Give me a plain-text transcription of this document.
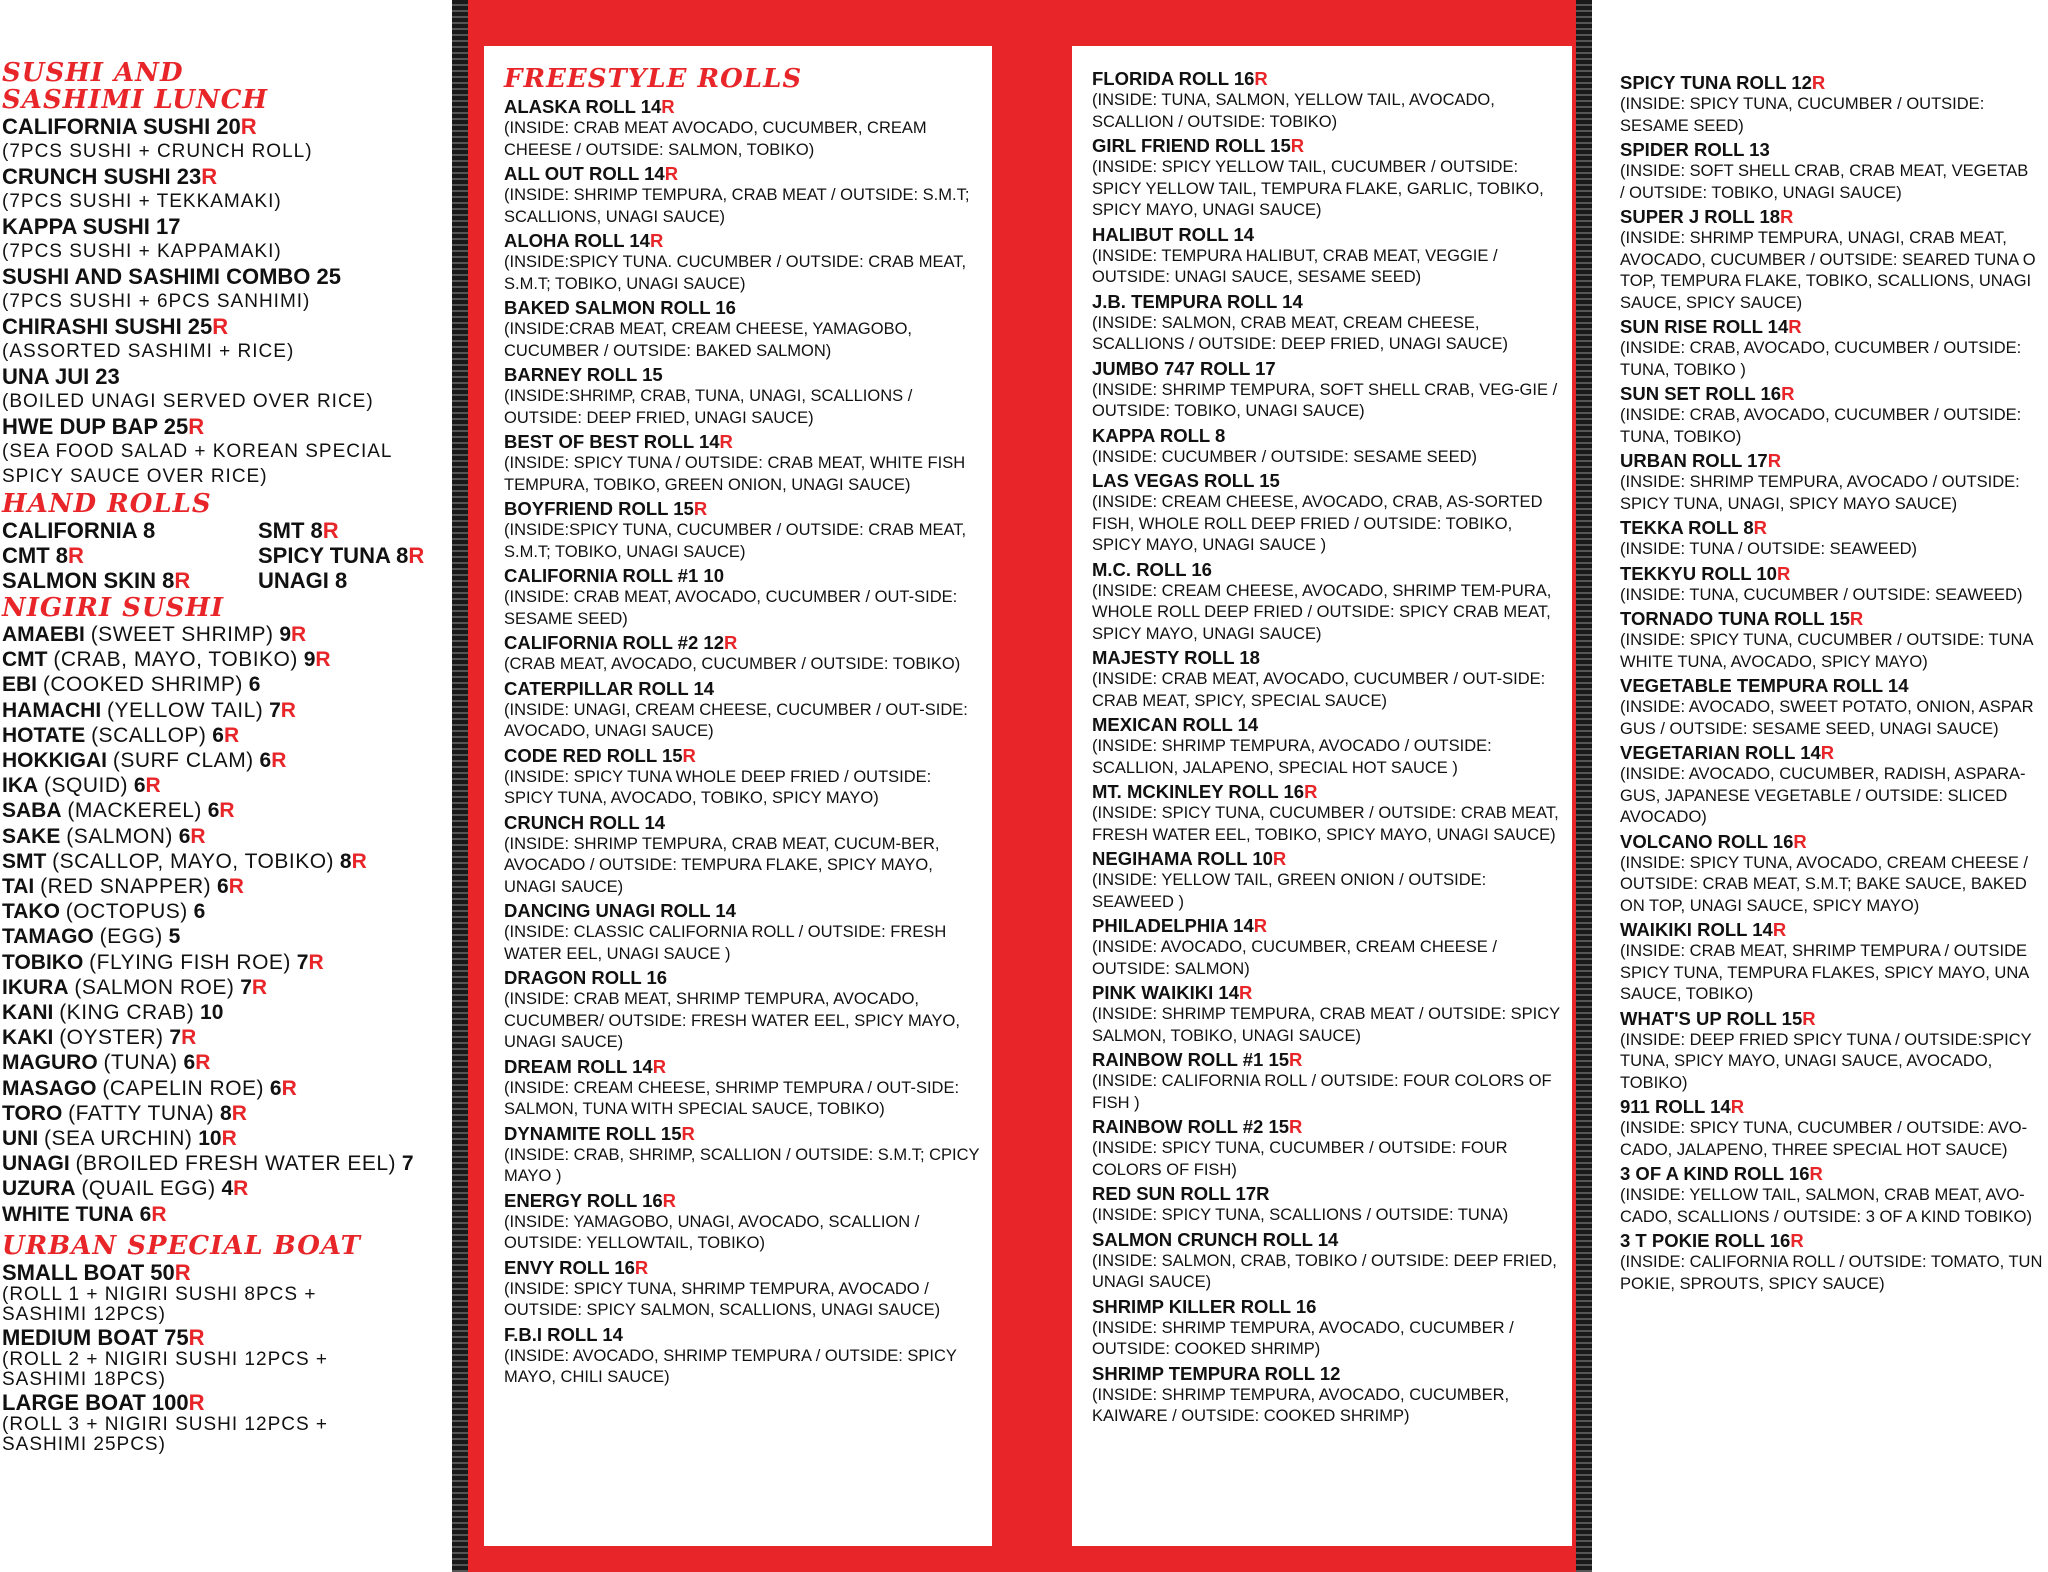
SUSHI AND
SASHIMI LUNCH
CALIFORNIA SUSHI 20R
(7PCS SUSHI + CRUNCH ROLL)
CRUNCH SUSHI 23R
(7PCS SUSHI + TEKKAMAKI)
KAPPA SUSHI 17
(7PCS SUSHI + KAPPAMAKI)
SUSHI AND SASHIMI COMBO 25
(7PCS SUSHI + 6PCS SANHIMI)
CHIRASHI SUSHI 25R
(ASSORTED SASHIMI + RICE)
UNA JUI 23
(BOILED UNAGI SERVED OVER RICE)
HWE DUP BAP 25R
(SEA FOOD SALAD + KOREAN SPECIAL SPICY SAUCE OVER RICE)
HAND ROLLS
CALIFORNIA 8	SMT 8R
CMT 8R	SPICY TUNA 8R
SALMON SKIN 8R	UNAGI 8
NIGIRI SUSHI
AMAEBI (SWEET SHRIMP) 9R
CMT (CRAB, MAYO, TOBIKO) 9R
EBI (COOKED SHRIMP) 6
HAMACHI (YELLOW TAIL) 7R
HOTATE (SCALLOP) 6R
HOKKIGAI (SURF CLAM) 6R
IKA (SQUID) 6R
SABA (MACKEREL) 6R
SAKE (SALMON) 6R
SMT (SCALLOP, MAYO, TOBIKO) 8R
TAI (RED SNAPPER) 6R
TAKO (OCTOPUS) 6
TAMAGO (EGG) 5
TOBIKO (FLYING FISH ROE) 7R
IKURA (SALMON ROE) 7R
KANI (KING CRAB) 10
KAKI (OYSTER) 7R
MAGURO (TUNA) 6R
MASAGO (CAPELIN ROE) 6R
TORO (FATTY TUNA) 8R
UNI (SEA URCHIN) 10R
UNAGI (BROILED FRESH WATER EEL) 7
UZURA (QUAIL EGG) 4R
WHITE TUNA 6R
URBAN SPECIAL BOAT
SMALL BOAT 50R
(ROLL 1 + NIGIRI SUSHI 8PCS + SASHIMI 12PCS)
MEDIUM BOAT 75R
(ROLL 2 + NIGIRI SUSHI 12PCS + SASHIMI 18PCS)
LARGE BOAT 100R
(ROLL 3 + NIGIRI SUSHI 12PCS + SASHIMI 25PCS)
FREESTYLE ROLLS
ALASKA ROLL 14R
(INSIDE: CRAB MEAT AVOCADO, CUCUMBER, CREAM CHEESE / OUTSIDE: SALMON, TOBIKO)
ALL OUT ROLL 14R
(INSIDE: SHRIMP TEMPURA, CRAB MEAT / OUTSIDE: S.M.T; SCALLIONS, UNAGI SAUCE)
ALOHA ROLL 14R
(INSIDE:SPICY TUNA. CUCUMBER / OUTSIDE: CRAB MEAT, S.M.T; TOBIKO, UNAGI SAUCE)
BAKED SALMON ROLL 16
(INSIDE:CRAB MEAT, CREAM CHEESE, YAMAGOBO, CUCUMBER / OUTSIDE: BAKED SALMON)
BARNEY ROLL 15
(INSIDE:SHRIMP, CRAB, TUNA, UNAGI, SCALLIONS / OUTSIDE: DEEP FRIED, UNAGI SAUCE)
BEST OF BEST ROLL 14R
(INSIDE: SPICY TUNA / OUTSIDE: CRAB MEAT, WHITE FISH TEMPURA, TOBIKO, GREEN ONION, UNAGI SAUCE)
BOYFRIEND ROLL 15R
(INSIDE:SPICY TUNA, CUCUMBER / OUTSIDE: CRAB MEAT, S.M.T; TOBIKO, UNAGI SAUCE)
CALIFORNIA ROLL #1 10
(INSIDE: CRAB MEAT, AVOCADO, CUCUMBER / OUT-SIDE: SESAME SEED)
CALIFORNIA ROLL #2 12R
(CRAB MEAT, AVOCADO, CUCUMBER / OUTSIDE: TOBIKO)
CATERPILLAR ROLL 14
(INSIDE: UNAGI, CREAM CHEESE, CUCUMBER / OUT-SIDE: AVOCADO, UNAGI SAUCE)
CODE RED ROLL 15R
(INSIDE: SPICY TUNA WHOLE DEEP FRIED / OUTSIDE: SPICY TUNA, AVOCADO, TOBIKO, SPICY MAYO)
CRUNCH ROLL 14
(INSIDE: SHRIMP TEMPURA, CRAB MEAT, CUCUM-BER, AVOCADO / OUTSIDE: TEMPURA FLAKE, SPICY MAYO, UNAGI SAUCE)
DANCING UNAGI ROLL 14
(INSIDE: CLASSIC CALIFORNIA ROLL / OUTSIDE: FRESH WATER EEL, UNAGI SAUCE )
DRAGON ROLL 16
(INSIDE: CRAB MEAT, SHRIMP TEMPURA, AVOCADO, CUCUMBER/ OUTSIDE: FRESH WATER EEL, SPICY MAYO, UNAGI SAUCE)
DREAM ROLL 14R
(INSIDE: CREAM CHEESE, SHRIMP TEMPURA / OUT-SIDE: SALMON, TUNA WITH SPECIAL SAUCE, TOBIKO)
DYNAMITE ROLL 15R
(INSIDE: CRAB, SHRIMP, SCALLION / OUTSIDE: S.M.T; CPICY MAYO )
ENERGY ROLL 16R
(INSIDE: YAMAGOBO, UNAGI, AVOCADO, SCALLION / OUTSIDE: YELLOWTAIL, TOBIKO)
ENVY ROLL 16R
(INSIDE: SPICY TUNA, SHRIMP TEMPURA, AVOCADO / OUTSIDE: SPICY SALMON, SCALLIONS, UNAGI SAUCE)
F.B.I ROLL 14
(INSIDE: AVOCADO, SHRIMP TEMPURA / OUTSIDE: SPICY MAYO, CHILI SAUCE)
FLORIDA ROLL 16R
(INSIDE: TUNA, SALMON, YELLOW TAIL, AVOCADO, SCALLION / OUTSIDE: TOBIKO)
GIRL FRIEND ROLL 15R
(INSIDE: SPICY YELLOW TAIL, CUCUMBER / OUTSIDE: SPICY YELLOW TAIL, TEMPURA FLAKE, GARLIC, TOBIKO, SPICY MAYO, UNAGI SAUCE)
HALIBUT ROLL 14
(INSIDE: TEMPURA HALIBUT, CRAB MEAT, VEGGIE / OUTSIDE: UNAGI SAUCE, SESAME SEED)
J.B. TEMPURA ROLL 14
(INSIDE: SALMON, CRAB MEAT, CREAM CHEESE, SCALLIONS / OUTSIDE: DEEP FRIED, UNAGI SAUCE)
JUMBO 747 ROLL 17
(INSIDE: SHRIMP TEMPURA, SOFT SHELL CRAB, VEG-GIE / OUTSIDE: TOBIKO, UNAGI SAUCE)
KAPPA ROLL 8
(INSIDE: CUCUMBER / OUTSIDE: SESAME SEED)
LAS VEGAS ROLL 15
(INSIDE: CREAM CHEESE, AVOCADO, CRAB, AS-SORTED FISH, WHOLE ROLL DEEP FRIED / OUTSIDE: TOBIKO, SPICY MAYO, UNAGI SAUCE )
M.C. ROLL 16
(INSIDE: CREAM CHEESE, AVOCADO, SHRIMP TEM-PURA, WHOLE ROLL DEEP FRIED / OUTSIDE: SPICY CRAB MEAT, SPICY MAYO, UNAGI SAUCE)
MAJESTY ROLL 18
(INSIDE: CRAB MEAT, AVOCADO, CUCUMBER / OUT-SIDE: CRAB MEAT, SPICY, SPECIAL SAUCE)
MEXICAN ROLL 14
(INSIDE: SHRIMP TEMPURA, AVOCADO / OUTSIDE: SCALLION, JALAPENO, SPECIAL HOT SAUCE )
MT. MCKINLEY ROLL 16R
(INSIDE: SPICY TUNA, CUCUMBER / OUTSIDE: CRAB MEAT, FRESH WATER EEL, TOBIKO, SPICY MAYO, UNAGI SAUCE)
NEGIHAMA ROLL 10R
(INSIDE: YELLOW TAIL, GREEN ONION / OUTSIDE: SEAWEED )
PHILADELPHIA 14R
(INSIDE: AVOCADO, CUCUMBER, CREAM CHEESE / OUTSIDE: SALMON)
PINK WAIKIKI 14R
(INSIDE: SHRIMP TEMPURA, CRAB MEAT / OUTSIDE: SPICY SALMON, TOBIKO, UNAGI SAUCE)
RAINBOW ROLL #1 15R
(INSIDE: CALIFORNIA ROLL / OUTSIDE: FOUR COLORS OF FISH )
RAINBOW ROLL #2 15R
(INSIDE: SPICY TUNA, CUCUMBER / OUTSIDE: FOUR COLORS OF FISH)
RED SUN ROLL 17R
(INSIDE: SPICY TUNA, SCALLIONS / OUTSIDE: TUNA)
SALMON CRUNCH ROLL 14
(INSIDE: SALMON, CRAB, TOBIKO / OUTSIDE: DEEP FRIED, UNAGI SAUCE)
SHRIMP KILLER ROLL 16
(INSIDE: SHRIMP TEMPURA, AVOCADO, CUCUMBER / OUTSIDE: COOKED SHRIMP)
SHRIMP TEMPURA ROLL 12
(INSIDE: SHRIMP TEMPURA, AVOCADO, CUCUMBER, KAIWARE / OUTSIDE: COOKED SHRIMP)
SPICY TUNA ROLL 12R
(INSIDE: SPICY TUNA, CUCUMBER / OUTSIDE:
SESAME SEED)
SPIDER ROLL 13
(INSIDE: SOFT SHELL CRAB, CRAB MEAT, VEGETAB
/ OUTSIDE: TOBIKO, UNAGI SAUCE)
SUPER J ROLL 18R
(INSIDE: SHRIMP TEMPURA, UNAGI, CRAB MEAT,
AVOCADO, CUCUMBER / OUTSIDE: SEARED TUNA O
TOP, TEMPURA FLAKE, TOBIKO, SCALLIONS, UNAGI
SAUCE, SPICY SAUCE)
SUN RISE ROLL 14R
(INSIDE: CRAB, AVOCADO, CUCUMBER / OUTSIDE:
TUNA, TOBIKO )
SUN SET ROLL 16R
(INSIDE: CRAB, AVOCADO, CUCUMBER / OUTSIDE:
TUNA, TOBIKO)
URBAN ROLL 17R
(INSIDE: SHRIMP TEMPURA, AVOCADO / OUTSIDE:
SPICY TUNA, UNAGI, SPICY MAYO SAUCE)
TEKKA ROLL 8R
(INSIDE: TUNA / OUTSIDE: SEAWEED)
TEKKYU ROLL 10R
(INSIDE: TUNA, CUCUMBER / OUTSIDE: SEAWEED)
TORNADO TUNA ROLL 15R
(INSIDE: SPICY TUNA, CUCUMBER / OUTSIDE: TUNA
WHITE TUNA, AVOCADO, SPICY MAYO)
VEGETABLE TEMPURA ROLL 14
(INSIDE: AVOCADO, SWEET POTATO, ONION, ASPAR
GUS / OUTSIDE: SESAME SEED, UNAGI SAUCE)
VEGETARIAN ROLL 14R
(INSIDE: AVOCADO, CUCUMBER, RADISH, ASPARA-
GUS, JAPANESE VEGETABLE / OUTSIDE: SLICED
AVOCADO)
VOLCANO ROLL 16R
(INSIDE: SPICY TUNA, AVOCADO, CREAM CHEESE /
OUTSIDE: CRAB MEAT, S.M.T; BAKE SAUCE, BAKED
ON TOP, UNAGI SAUCE, SPICY MAYO)
WAIKIKI ROLL 14R
(INSIDE: CRAB MEAT, SHRIMP TEMPURA / OUTSIDE
SPICY TUNA, TEMPURA FLAKES, SPICY MAYO, UNA
SAUCE, TOBIKO)
WHAT'S UP ROLL 15R
(INSIDE: DEEP FRIED SPICY TUNA / OUTSIDE:SPICY
TUNA, SPICY MAYO, UNAGI SAUCE, AVOCADO,
TOBIKO)
911 ROLL 14R
(INSIDE: SPICY TUNA, CUCUMBER / OUTSIDE: AVO-
CADO, JALAPENO, THREE SPECIAL HOT SAUCE)
3 OF A KIND ROLL 16R
(INSIDE: YELLOW TAIL, SALMON, CRAB MEAT, AVO-
CADO, SCALLIONS / OUTSIDE: 3 OF A KIND TOBIKO)
3 T POKIE ROLL 16R
(INSIDE: CALIFORNIA ROLL / OUTSIDE: TOMATO, TUN
POKIE, SPROUTS, SPICY SAUCE)
